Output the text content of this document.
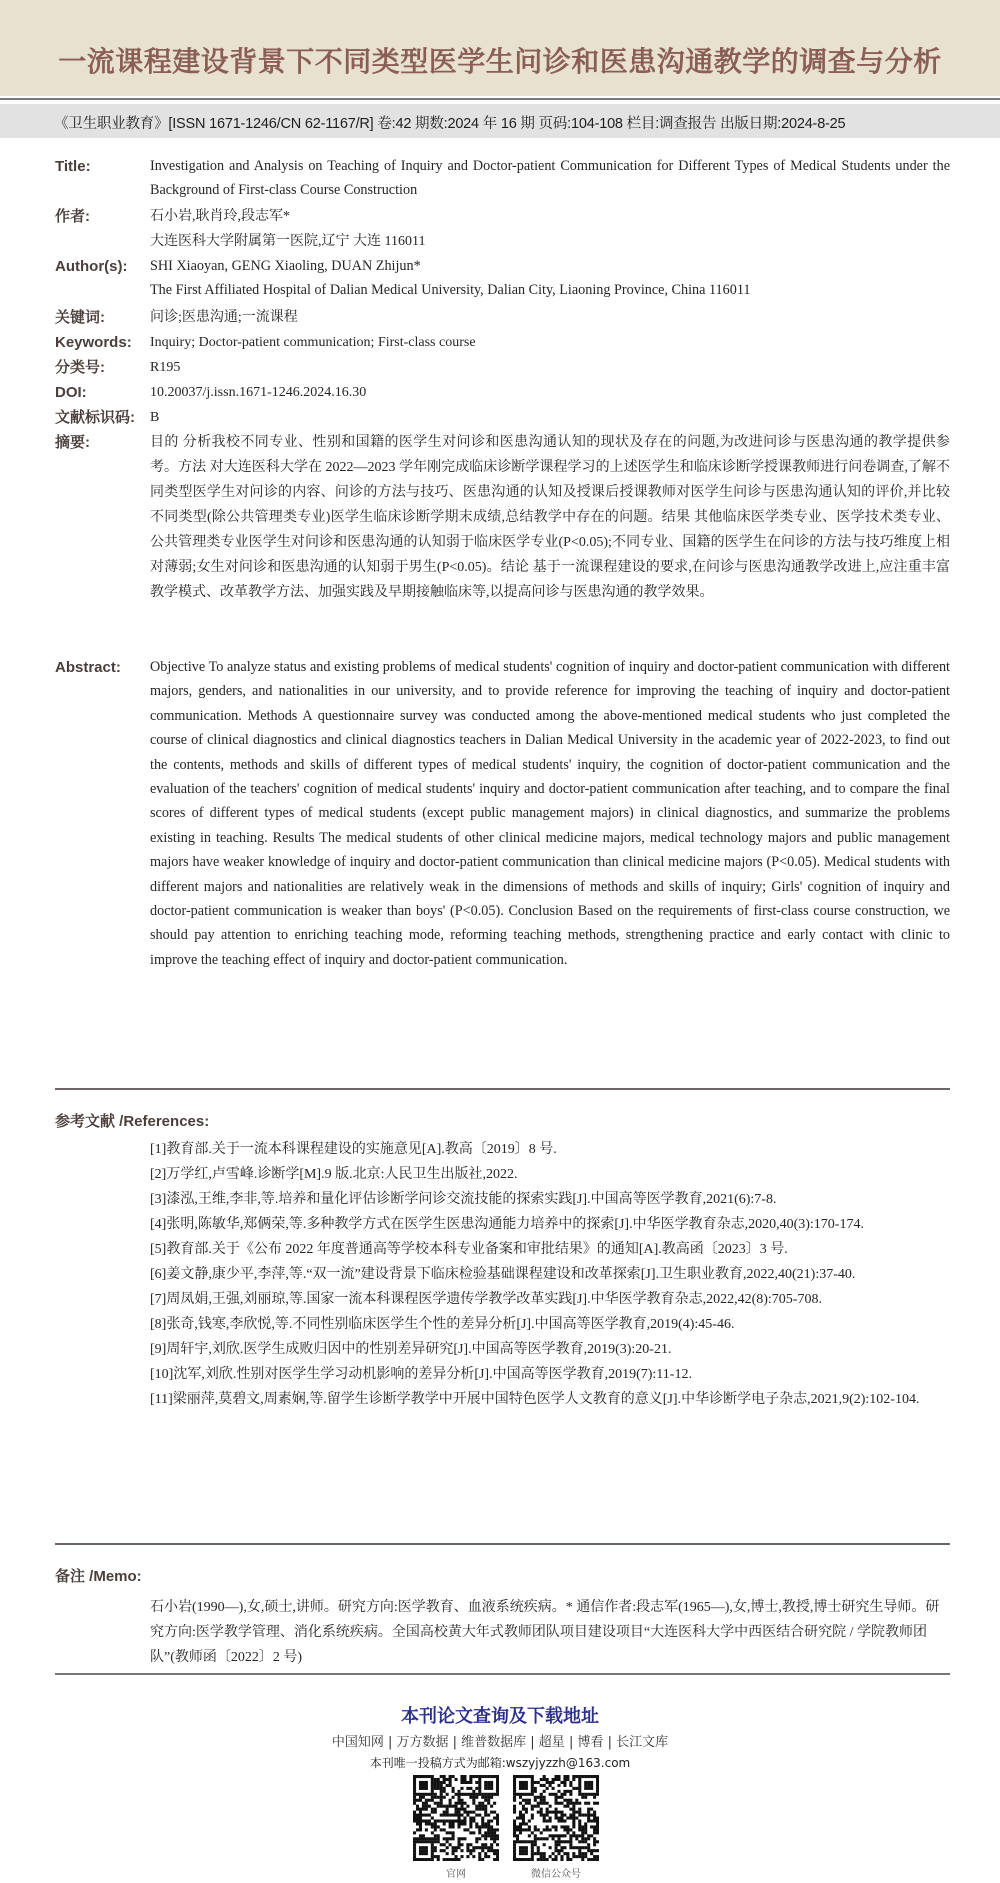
一流课程建设背景下不同类型医学生问诊和医患沟通教学的调查与分析
《卫生职业教育》[ISSN 1671-1246/CN 62-1167/R] 卷:42 期数:2024 年 16 期 页码:104-108 栏目:调查报告 出版日期:2024-8-25
Title:	Investigation and Analysis on Teaching of Inquiry and Doctor-patient Communication for Different Types of Medical Students under the Background of First-class Course Construction
作者:	石小岩,耿肖玲,段志军*

大连医科大学附属第一医院,辽宁 大连 116011

Author(s): SHI Xiaoyan, GENG Xiaoling, DUAN Zhijun*

The First Affiliated Hospital of Dalian Medical University, Dalian City, Liaoning Province, China 116011

关键词:	问诊;医患沟通;一流课程
Keywords: Inquiry; Doctor-patient communication; First-class course
分类号:	R195
DOI:	10.20037/j.issn.1671-1246.2024.16.30
文献标识码: B
摘要:	目的 分析我校不同专业、性别和国籍的医学生对问诊和医患沟通认知的现状及存在的问题,为改进问诊与医患沟通的教学提供参考。方法 对大连医科大学在 2022—2023 学年刚完成临床诊断学课程学习的上述医学生和临床诊断学授课教师进行问卷调查,了解不同类型医学生对问诊的内容、问诊的方法与技巧、医患沟通的认知及授课后授课教师对医学生问诊与医患沟通认知的评价,并比较不同类型(除公共管理类专业)医学生临床诊断学期末成绩,总结教学中存在的问题。结果 其他临床医学类专业、医学技术类专业、公共管理类专业医学生对问诊和医患沟通的认知弱于临床医学专业(P<0.05);不同专业、国籍的医学生在问诊的方法与技巧维度上相对薄弱;女生对问诊和医患沟通的认知弱于男生(P<0.05)。结论 基于一流课程建设的要求,在问诊与医患沟通教学改进上,应注重丰富教学模式、改革教学方法、加强实践及早期接触临床等,以提高问诊与医患沟通的教学效果。
Abstract: Objective To analyze status and existing problems of medical students' cognition of inquiry and doctor-patient communication with different majors, genders, and nationalities in our university, and to provide reference for improving the teaching of inquiry and doctor-patient communication. Methods A questionnaire survey was conducted among the above-mentioned medical students who just completed the course of clinical diagnostics and clinical diagnostics teachers in Dalian Medical University in the academic year of 2022-2023, to find out the contents, methods and skills of different types of medical students' inquiry, the cognition of doctor-patient communication and the evaluation of the teachers' cognition of medical students' inquiry and doctor-patient communication after teaching, and to compare the final scores of different types of medical students (except public management majors) in clinical diagnostics, and summarize the problems existing in teaching. Results The medical students of other clinical medicine majors, medical technology majors and public management majors have weaker knowledge of inquiry and doctor-patient communication than clinical medicine majors (P<0.05). Medical students with different majors and nationalities are relatively weak in the dimensions of methods and skills of inquiry; Girls' cognition of inquiry and doctor-patient communication is weaker than boys' (P<0.05). Conclusion Based on the requirements of first-class course construction, we should pay attention to enriching teaching mode, reforming teaching methods, strengthening practice and early contact with clinic to improve the teaching effect of inquiry and doctor-patient communication.
参考文献 /References:
[1]教育部.关于一流本科课程建设的实施意见[A].教高〔2019〕8 号.
[2]万学红,卢雪峰.诊断学[M].9 版.北京:人民卫生出版社,2022.
[3]漆泓,王维,李非,等.培养和量化评估诊断学问诊交流技能的探索实践[J].中国高等医学教育,2021(6):7-8.
[4]张明,陈敏华,郑俩荣,等.多种教学方式在医学生医患沟通能力培养中的探索[J].中华医学教育杂志,2020,40(3):170-174.
[5]教育部.关于《公布 2022 年度普通高等学校本科专业备案和审批结果》的通知[A].教高函〔2023〕3 号.
[6]姜文静,康少平,李萍,等.“双一流”建设背景下临床检验基础课程建设和改革探索[J].卫生职业教育,2022,40(21):37-40.
[7]周凤娟,王强,刘丽琼,等.国家一流本科课程医学遗传学教学改革实践[J].中华医学教育杂志,2022,42(8):705-708.
[8]张奇,钱寒,李欣悦,等.不同性别临床医学生个性的差异分析[J].中国高等医学教育,2019(4):45-46.
[9]周轩宇,刘欣.医学生成败归因中的性别差异研究[J].中国高等医学教育,2019(3):20-21.
[10]沈军,刘欣.性别对医学生学习动机影响的差异分析[J].中国高等医学教育,2019(7):11-12.
[11]梁丽萍,莫碧文,周素娴,等.留学生诊断学教学中开展中国特色医学人文教育的意义[J].中华诊断学电子杂志,2021,9(2):102-104.
备注 /Memo:
石小岩(1990—),女,硕士,讲师。研究方向:医学教育、血液系统疾病。* 通信作者:段志军(1965—),女,博士,教授,博士研究生导师。研究方向:医学教学管理、消化系统疾病。全国高校黄大年式教师团队项目建设项目“大连医科大学中西医结合研究院 / 学院教师团队”(教师函〔2022〕2 号)
本刊论文查询及下载地址
中国知网 | 万方数据 | 维普数据库 | 超星 | 博看 | 长江文库
本刊唯一投稿方式为邮箱:wszyjyzzh@163.com
官网	微信公众号
